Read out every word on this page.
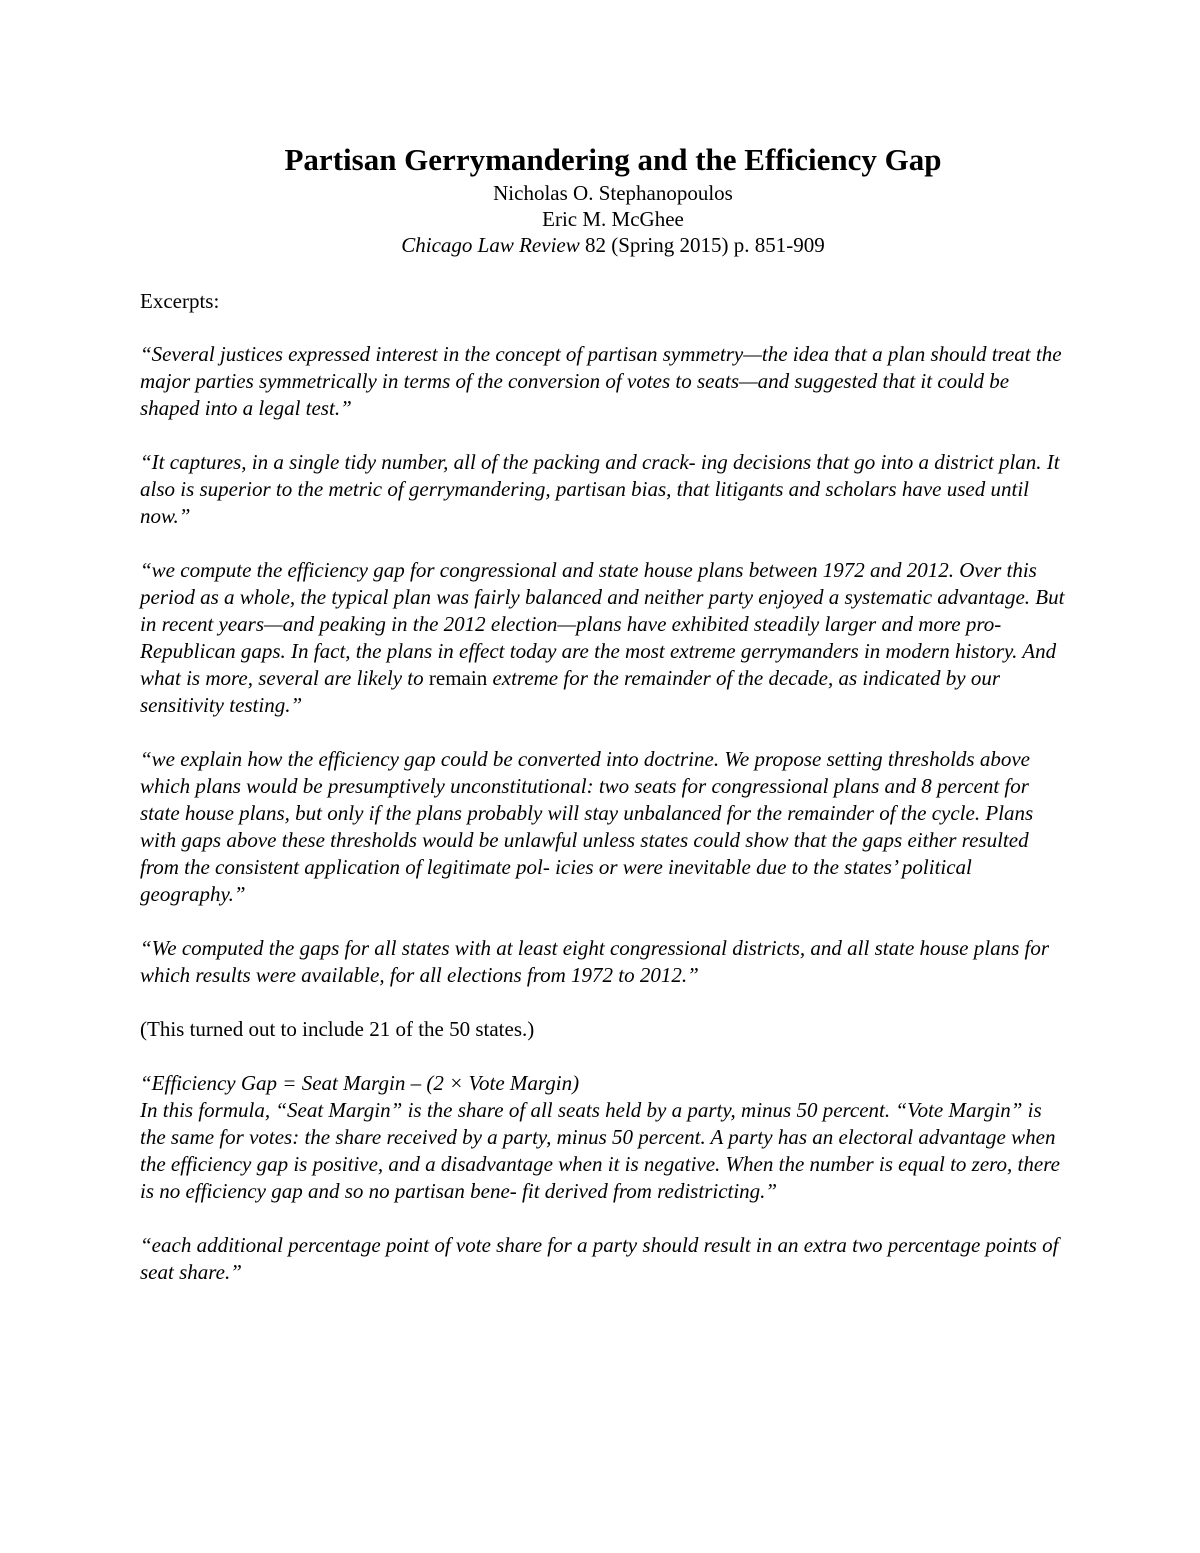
Partisan Gerrymandering and the Efficiency Gap

Nicholas O. Stephanopoulos

Eric M. McGhee

Chicago Law Review 82 (Spring 2015) p. 851-909

Excerpts:

“Several justices expressed interest in the concept of partisan symmetry—the idea that a plan should treat the major parties symmetrically in terms of the conversion of votes to seats—and suggested that it could be shaped into a legal test.”

“It captures, in a single tidy number, all of the packing and crack- ing decisions that go into a district plan. It also is superior to the metric of gerrymandering, partisan bias, that litigants and scholars have used until now.”

“we compute the efficiency gap for congressional and state house plans between 1972 and 2012. Over this period as a whole, the typical plan was fairly balanced and neither party enjoyed a systematic advantage. But in recent years—and peaking in the 2012 election—plans have exhibited steadily larger and more pro-Republican gaps. In fact, the plans in effect today are the most extreme gerrymanders in modern history. And what is more, several are likely to remain extreme for the remainder of the decade, as indicated by our sensitivity testing.”

“we explain how the efficiency gap could be converted into doctrine. We propose setting thresholds above which plans would be presumptively unconstitutional: two seats for congressional plans and 8 percent for state house plans, but only if the plans probably will stay unbalanced for the remainder of the cycle. Plans with gaps above these thresholds would be unlawful unless states could show that the gaps either resulted from the consistent application of legitimate pol- icies or were inevitable due to the states’ political geography.”

“We computed the gaps for all states with at least eight congressional districts, and all state house plans for which results were available, for all elections from 1972 to 2012.”

(This turned out to include 21 of the 50 states.)

“Efficiency Gap = Seat Margin – (2 × Vote Margin)

In this formula, “Seat Margin” is the share of all seats held by a party, minus 50 percent. “Vote Margin” is the same for votes: the share received by a party, minus 50 percent. A party has an electoral advantage when the efficiency gap is positive, and a disadvantage when it is negative. When the number is equal to zero, there is no efficiency gap and so no partisan bene- fit derived from redistricting.”

“each additional percentage point of vote share for a party should result in an extra two percentage points of seat share.”
